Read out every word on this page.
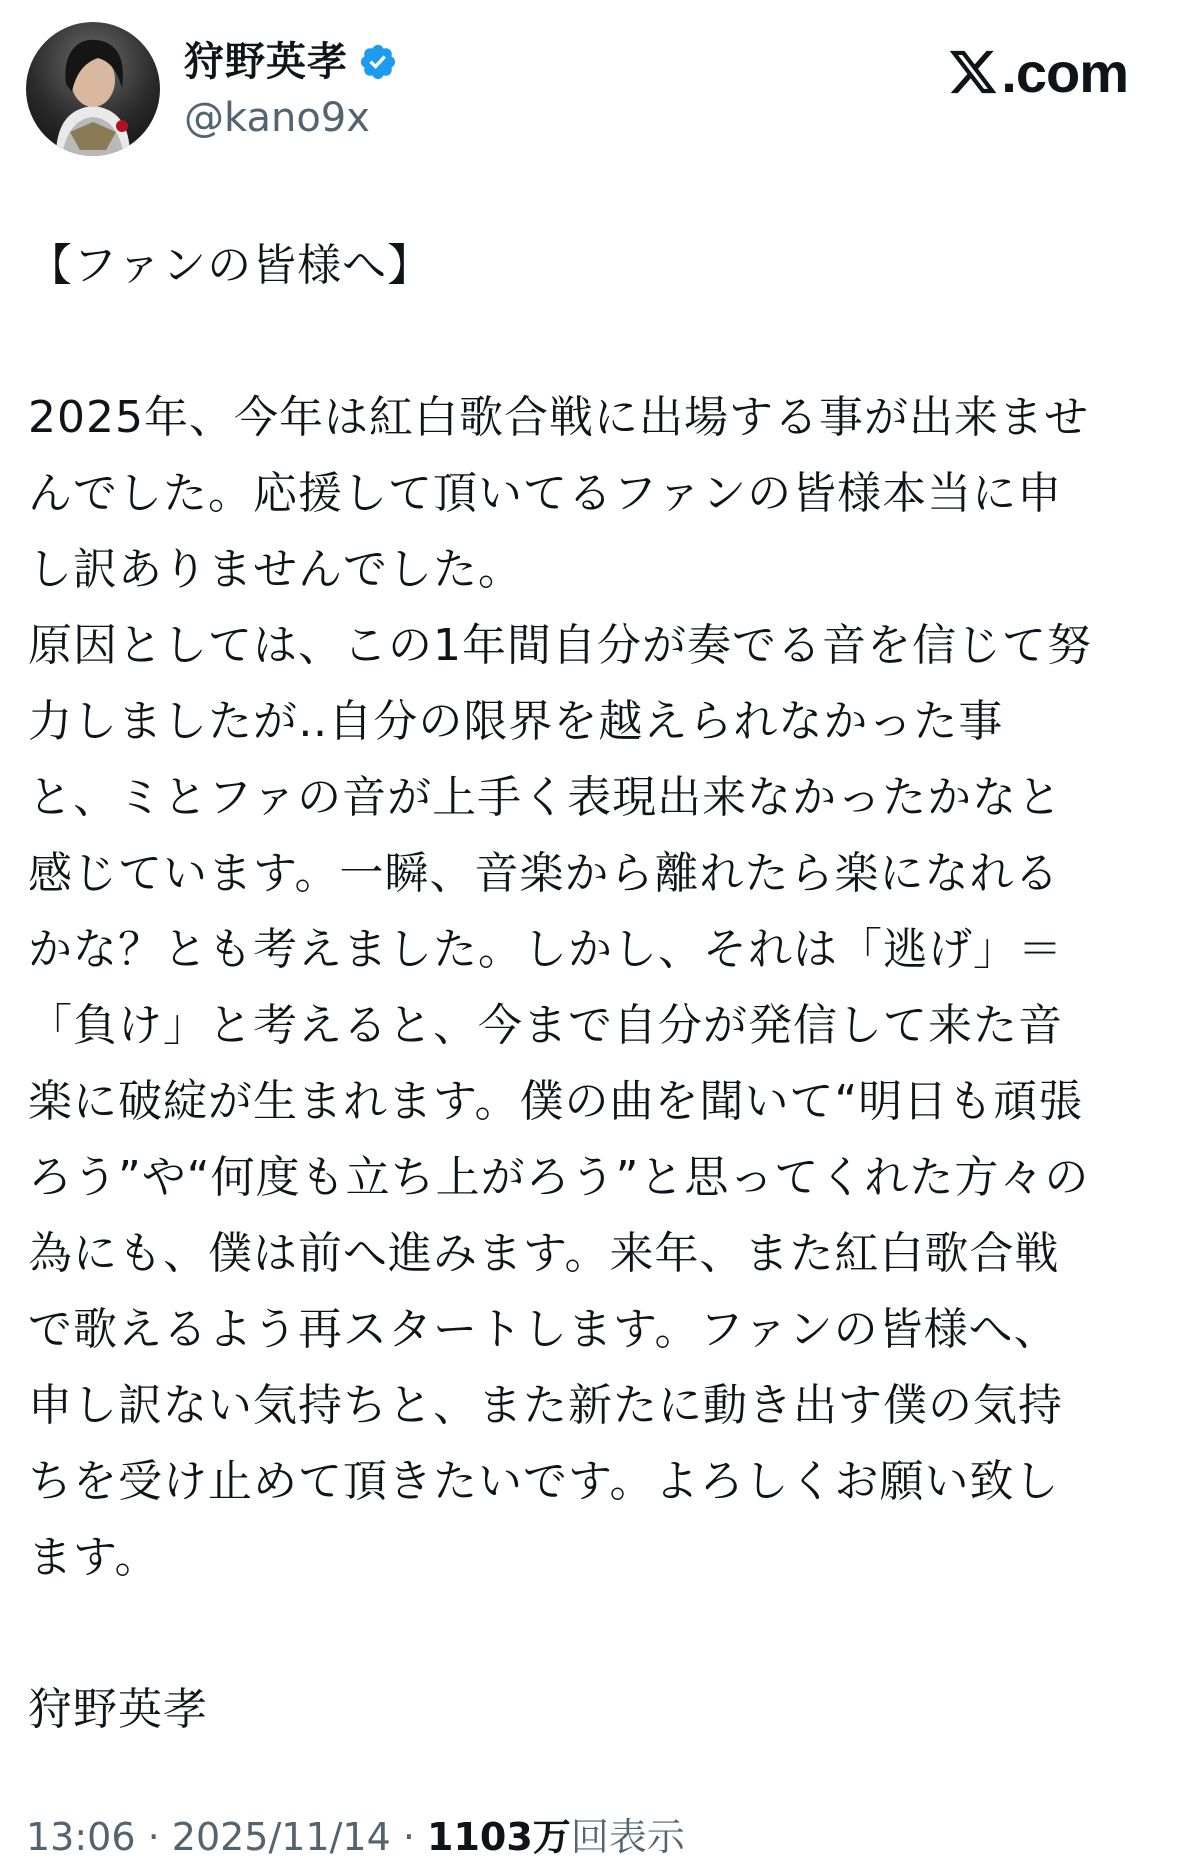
狩野英孝
@kano9x
.com
【ファンの皆様へ】

2025年、今年は紅白歌合戦に出場する事が出来ませ
んでした。応援して頂いてるファンの皆様本当に申
し訳ありませんでした。
原因としては、この1年間自分が奏でる音を信じて努
力しましたが‥自分の限界を越えられなかった事
と、ミとファの音が上手く表現出来なかったかなと
感じています。一瞬、音楽から離れたら楽になれる
かな？とも考えました。しかし、それは「逃げ」＝
「負け」と考えると、今まで自分が発信して来た音
楽に破綻が生まれます。僕の曲を聞いて“明日も頑張
ろう”や“何度も立ち上がろう”と思ってくれた方々の
為にも、僕は前へ進みます。来年、また紅白歌合戦
で歌えるよう再スタートします。ファンの皆様へ、
申し訳ない気持ちと、また新たに動き出す僕の気持
ちを受け止めて頂きたいです。よろしくお願い致し
ます。

狩野英孝
13:06 · 2025/11/14 · 1103万回表示
